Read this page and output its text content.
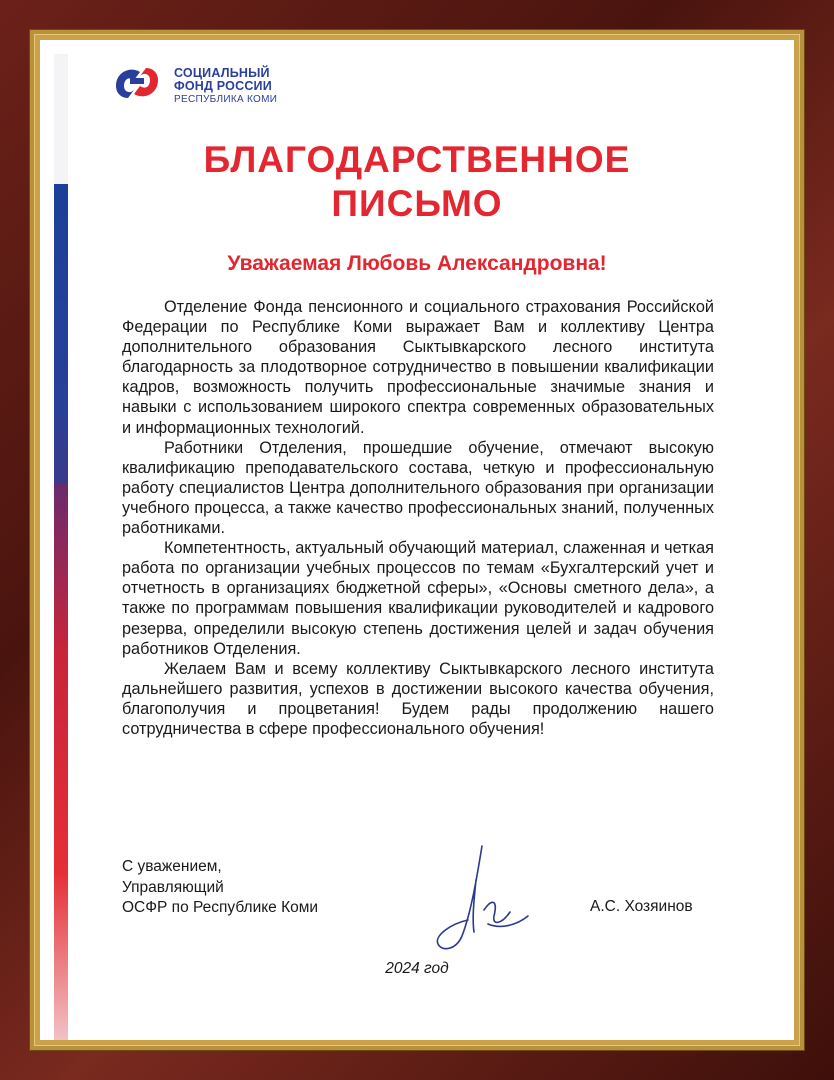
СОЦИАЛЬНЫЙ
ФОНД РОССИИ
РЕСПУБЛИКА КОМИ
БЛАГОДАРСТВЕННОЕ
ПИСЬМО
Уважаемая Любовь Александровна!

Отделение Фонда пенсионного и социального страхования Российской Федерации по Республике Коми выражает Вам и коллективу Центра дополнительного образования Сыктывкарского лесного института благодарность за плодотворное сотрудничество в повышении квалификации кадров, возможность получить профессиональные значимые знания и навыки с использованием широкого спектра современных образовательных и информационных технологий.

Работники Отделения, прошедшие обучение, отмечают высокую квалификацию преподавательского состава, четкую и профессиональную работу специалистов Центра дополнительного образования при организации учебного процесса, а также качество профессиональных знаний, полученных работниками.

Компетентность, актуальный обучающий материал, слаженная и четкая работа по организации учебных процессов по темам «Бухгалтерский учет и отчетность в организациях бюджетной сферы», «Основы сметного дела», а также по программам повышения квалификации руководителей и кадрового резерва, определили высокую степень достижения целей и задач обучения работников Отделения.

Желаем Вам и всему коллективу Сыктывкарского лесного института дальнейшего развития, успехов в достижении высокого качества обучения, благополучия и процветания! Будем рады продолжению нашего сотрудничества в сфере профессионального обучения!

С уважением,
Управляющий
ОСФР по Республике Коми	А.С. Хозяинов
2024 год
